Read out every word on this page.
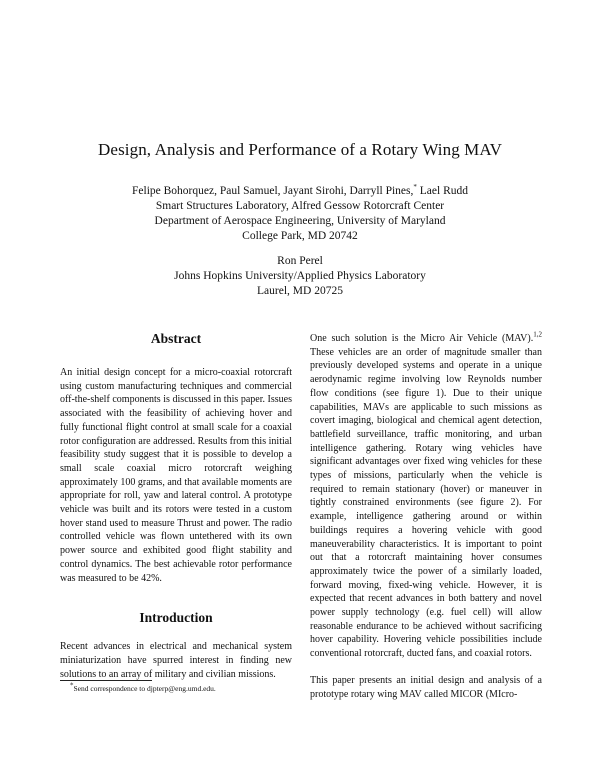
Design, Analysis and Performance of a Rotary Wing MAV
Felipe Bohorquez, Paul Samuel, Jayant Sirohi, Darryll Pines,* Lael Rudd
Smart Structures Laboratory, Alfred Gessow Rotorcraft Center
Department of Aerospace Engineering, University of Maryland
College Park, MD 20742
Ron Perel
Johns Hopkins University/Applied Physics Laboratory
Laurel, MD 20725
Abstract

An initial design concept for a micro-coaxial rotorcraft using custom manufacturing techniques and commercial off-the-shelf components is discussed in this paper. Issues associated with the feasibility of achieving hover and fully functional flight control at small scale for a coaxial rotor configuration are addressed. Results from this initial feasibility study suggest that it is possible to develop a small scale coaxial micro rotorcraft weighing approximately 100 grams, and that available moments are appropriate for roll, yaw and lateral control. A prototype vehicle was built and its rotors were tested in a custom hover stand used to measure Thrust and power. The radio controlled vehicle was flown untethered with its own power source and exhibited good flight stability and control dynamics. The best achievable rotor performance was measured to be 42%.

Introduction

Recent advances in electrical and mechanical system miniaturization have spurred interest in finding new solutions to an array of military and civilian missions.

One such solution is the Micro Air Vehicle (MAV).$^{1,2}$ These vehicles are an order of magnitude smaller than previously developed systems and operate in a unique aerodynamic regime involving low Reynolds number flow conditions (see figure 1). Due to their unique capabilities, MAVs are applicable to such missions as covert imaging, biological and chemical agent detection, battlefield surveillance, traffic monitoring, and urban intelligence gathering. Rotary wing vehicles have significant advantages over fixed wing vehicles for these types of missions, particularly when the vehicle is required to remain stationary (hover) or maneuver in tightly constrained environments (see figure 2). For example, intelligence gathering around or within buildings requires a hovering vehicle with good maneuverability characteristics. It is important to point out that a rotorcraft maintaining hover consumes approximately twice the power of a similarly loaded, forward moving, fixed-wing vehicle. However, it is expected that recent advances in both battery and novel power supply technology (e.g. fuel cell) will allow reasonable endurance to be achieved without sacrificing hover capability. Hovering vehicle possibilities include conventional rotorcraft, ducted fans, and coaxial rotors.

This paper presents an initial design and analysis of a prototype rotary wing MAV called MICOR (MIcro-

*Send correspondence to djpterp@eng.umd.edu.
